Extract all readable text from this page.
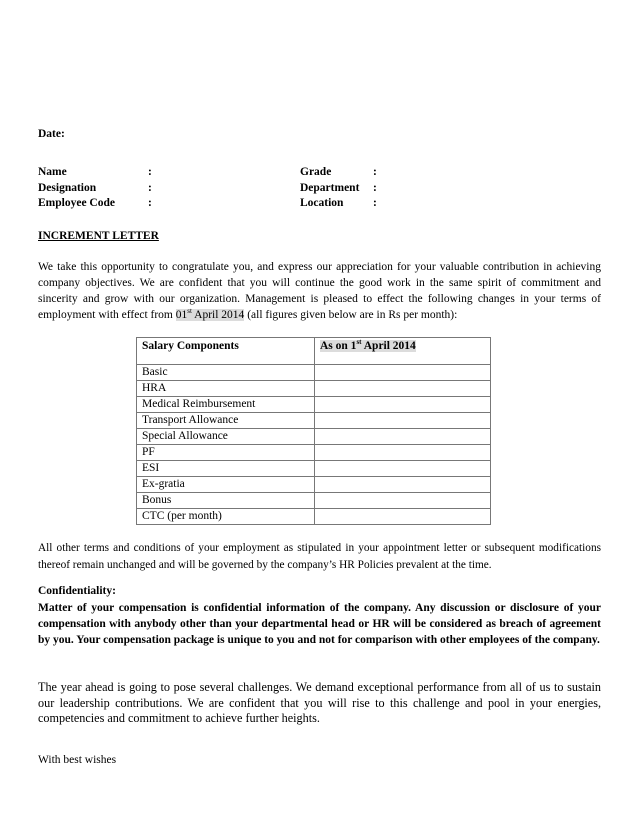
Date:
Name	:	Grade	:
Designation	:	Department :
Employee Code	:	Location	:
INCREMENT LETTER
We take this opportunity to congratulate you, and express our appreciation for your valuable contribution in achieving company objectives. We are confident that you will continue the good work in the same spirit of commitment and sincerity and grow with our organization. Management is pleased to effect the following changes in your terms of employment with effect from 01st April 2014 (all figures given below are in Rs per month):
Salary Components	As on 1st April 2014
Basic	
HRA	
Medical Reimbursement	
Transport Allowance	
Special Allowance	
PF	
ESI	
Ex-gratia	
Bonus	
CTC (per month)	
All other terms and conditions of your employment as stipulated in your appointment letter or subsequent modifications thereof remain unchanged and will be governed by the company’s HR Policies prevalent at the time.
Confidentiality:
Matter of your compensation is confidential information of the company. Any discussion or disclosure of your compensation with anybody other than your departmental head or HR will be considered as breach of agreement by you. Your compensation package is unique to you and not for comparison with other employees of the company.
The year ahead is going to pose several challenges. We demand exceptional performance from all of us to sustain our leadership contributions. We are confident that you will rise to this challenge and pool in your energies, competencies and commitment to achieve further heights.
With best wishes
